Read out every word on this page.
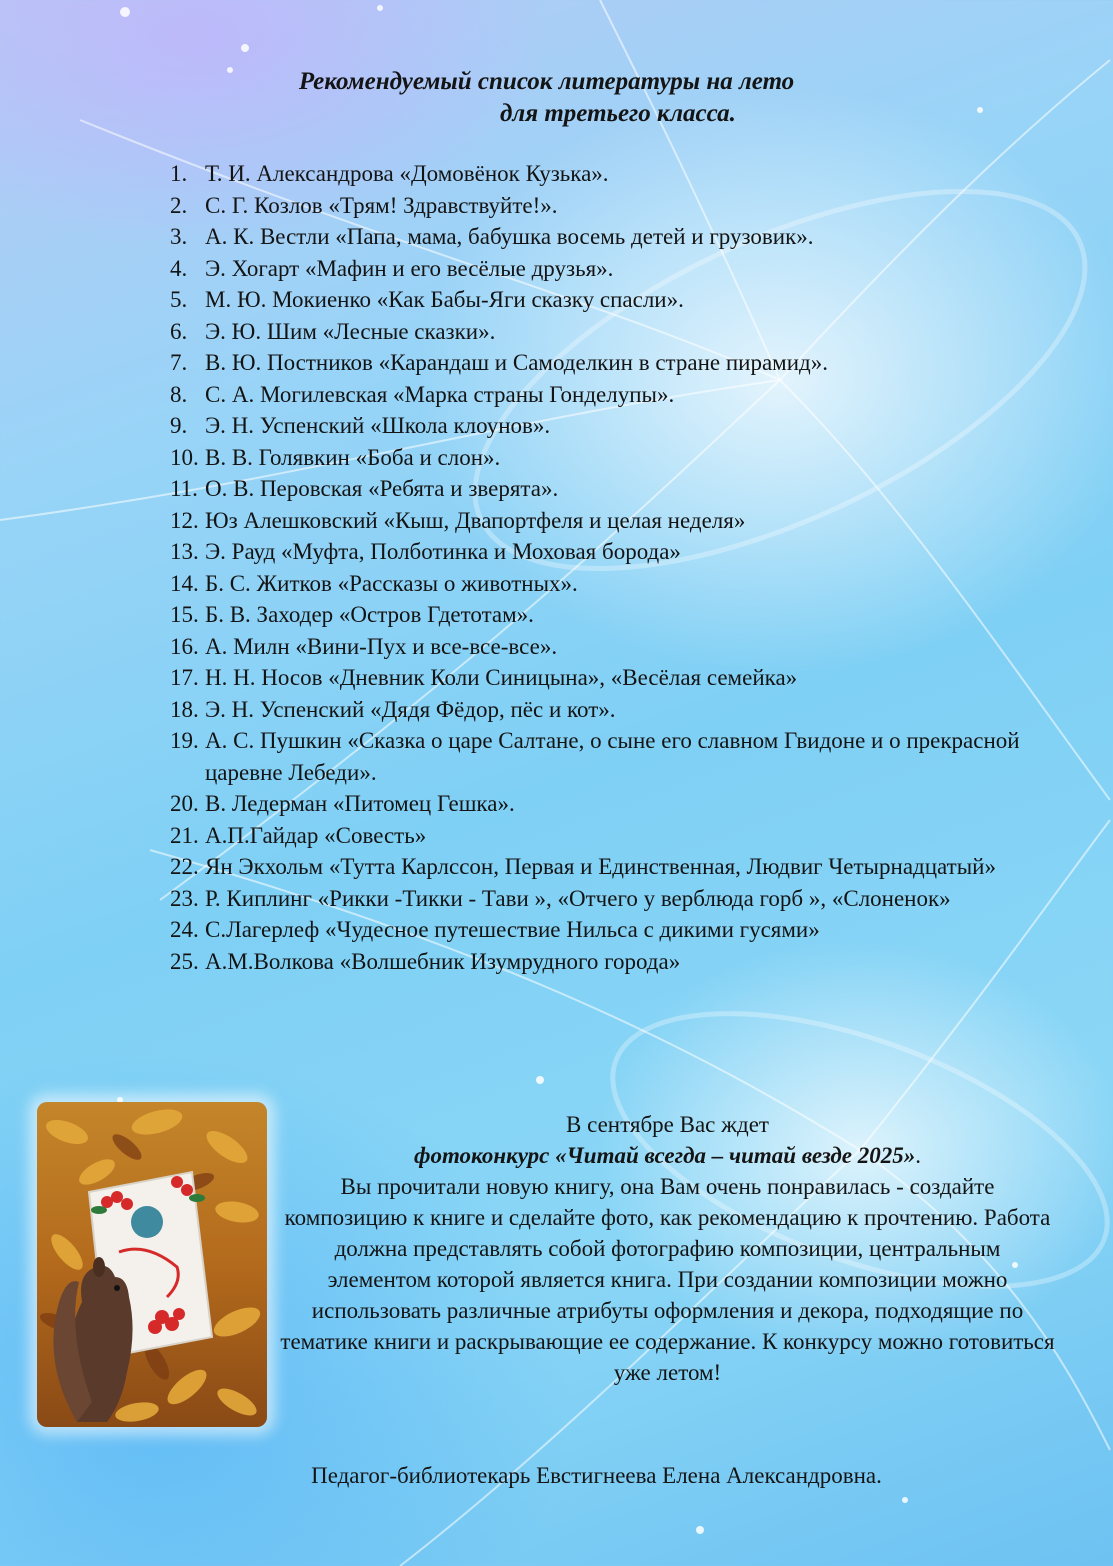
Рекомендуемый список литературы на лето
для третьего класса.
1. Т. И. Александрова «Домовёнок Кузька».
2. С. Г. Козлов «Трям! Здравствуйте!».
3. А. К. Вестли «Папа, мама, бабушка восемь детей и грузовик».
4. Э. Хогарт «Мафин и его весёлые друзья».
5. М. Ю. Мокиенко «Как Бабы-Яги сказку спасли».
6. Э. Ю. Шим «Лесные сказки».
7. В. Ю. Постников «Карандаш и Самоделкин в стране пирамид».
8. С. А. Могилевская «Марка страны Гонделупы».
9. Э. Н. Успенский «Школа клоунов».
10. В. В. Голявкин «Боба и слон».
11. О. В. Перовская «Ребята и зверята».
12. Юз Алешковский «Кыш, Двапортфеля и целая неделя»
13. Э. Рауд «Муфта, Полботинка и Моховая борода»
14. Б. С. Житков «Рассказы о животных».
15. Б. В. Заходер «Остров Гдетотам».
16. А. Милн «Вини-Пух и все-все-все».
17. Н. Н. Носов «Дневник Коли Синицына», «Весёлая семейка»
18. Э. Н. Успенский «Дядя Фёдор, пёс и кот».
19. А. С. Пушкин «Сказка о царе Салтане, о сыне его славном Гвидоне и о прекрасной царевне Лебеди».
20. В. Ледерман «Питомец Гешка».
21. А.П.Гайдар «Совесть»
22. Ян Экхольм «Тутта Карлссон, Первая и Единственная, Людвиг Четырнадцатый»
23. Р. Киплинг «Рикки -Тикки - Тави », «Отчего у верблюда горб », «Слоненок»
24. С.Лагерлеф «Чудесное путешествие Нильса с дикими гусями»
25. А.М.Волкова «Волшебник Изумрудного города»
В сентябре Вас ждет
фотоконкурс «Читай всегда – читай везде 2025».
Вы прочитали новую книгу, она Вам очень понравилась - создайте композицию к книге и сделайте фото, как рекомендацию к прочтению. Работа должна представлять собой фотографию композиции, центральным элементом которой является книга. При создании композиции можно использовать различные атрибуты оформления и декора, подходящие по тематике книги и раскрывающие ее содержание. К конкурсу можно готовиться уже летом!
Педагог-библиотекарь Евстигнеева Елена Александровна.
